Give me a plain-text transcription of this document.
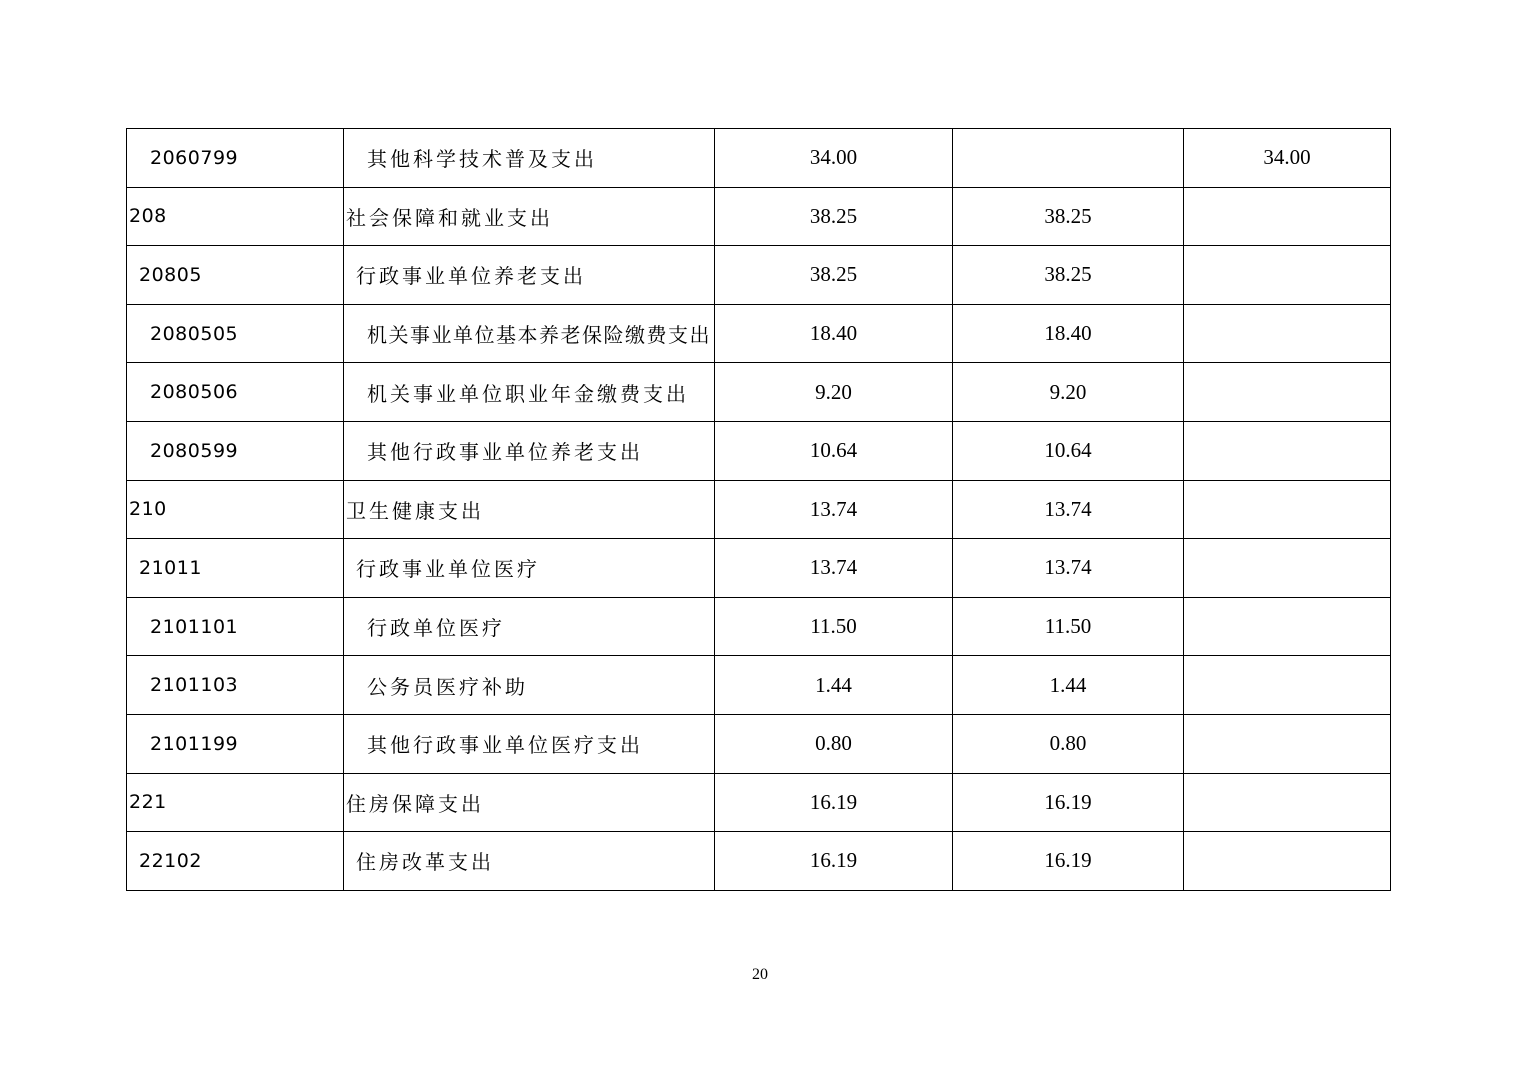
2060799	其他科学技术普及支出	34.00		34.00
208	社会保障和就业支出	38.25	38.25	
20805	行政事业单位养老支出	38.25	38.25	
2080505	机关事业单位基本养老保险缴费支出	18.40	18.40	
2080506	机关事业单位职业年金缴费支出	9.20	9.20	
2080599	其他行政事业单位养老支出	10.64	10.64	
210	卫生健康支出	13.74	13.74	
21011	行政事业单位医疗	13.74	13.74	
2101101	行政单位医疗	11.50	11.50	
2101103	公务员医疗补助	1.44	1.44	
2101199	其他行政事业单位医疗支出	0.80	0.80	
221	住房保障支出	16.19	16.19	
22102	住房改革支出	16.19	16.19	
20
